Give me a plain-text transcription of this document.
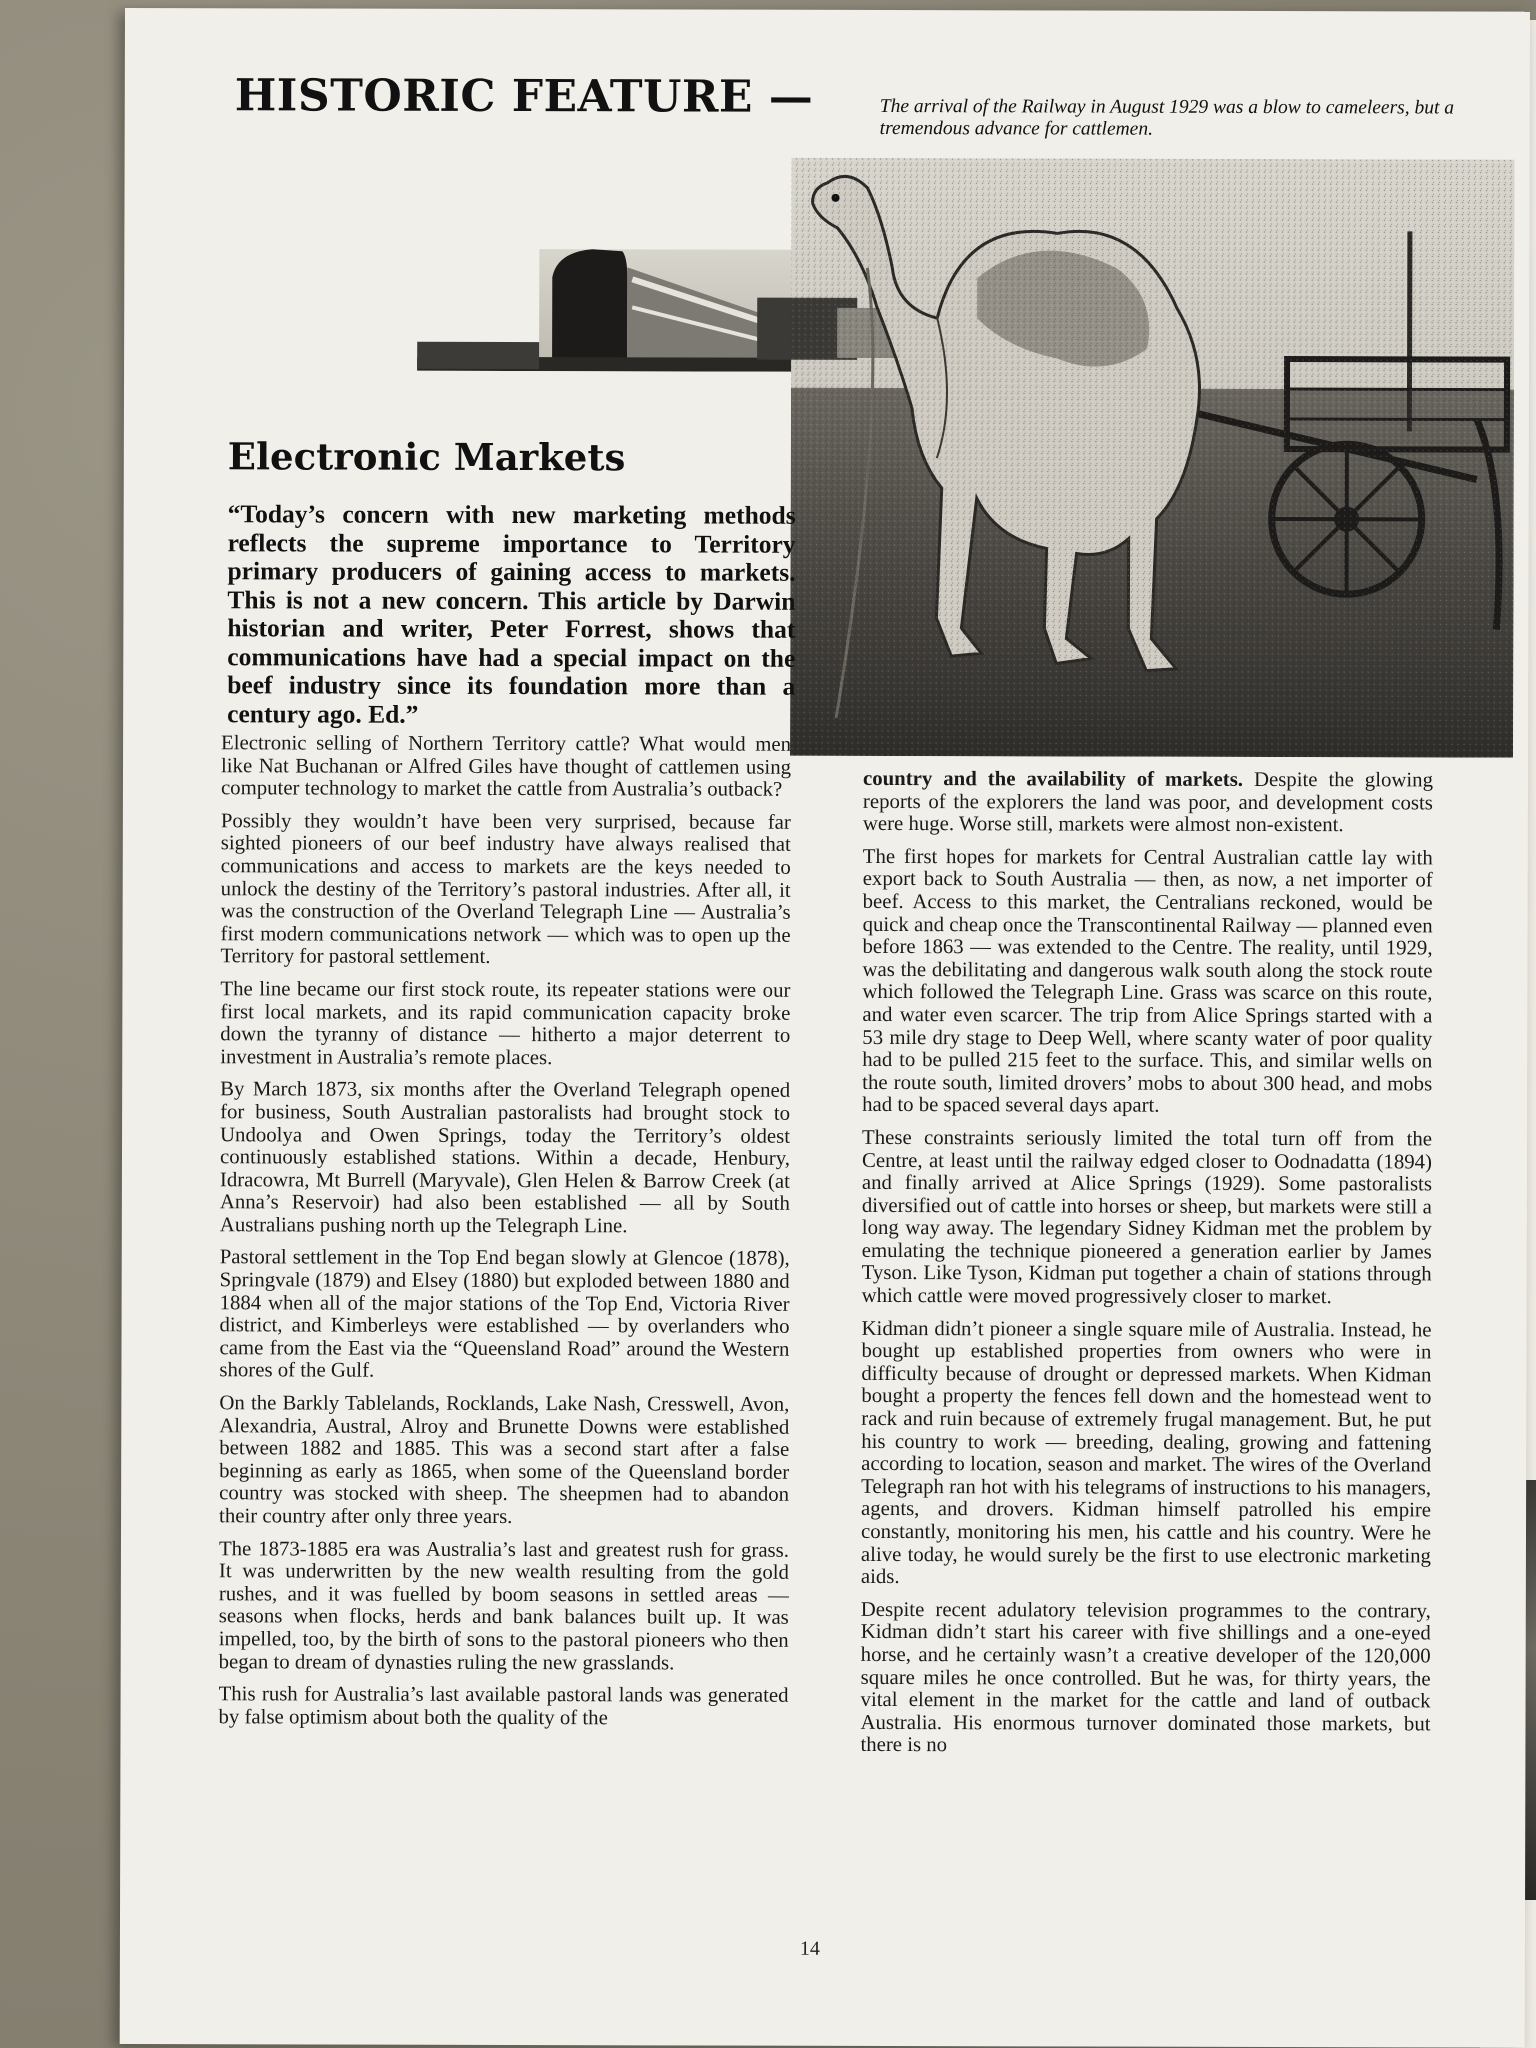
HISTORIC FEATURE —	The arrival of the Railway in August 1929 was a blow to cameleers, but a tremendous advance for cattlemen.

Electronic Markets

“Today’s concern with new marketing methods reflects the supreme importance to Territory primary producers of gaining access to markets. This is not a new concern. This article by Darwin historian and writer, Peter Forrest, shows that communications have had a special impact on the beef industry since its foundation more than a century ago. Ed.”

Electronic selling of Northern Territory cattle? What would men like Nat Buchanan or Alfred Giles have thought of cattlemen using computer technology to market the cattle from Australia’s outback?

Possibly they wouldn’t have been very surprised, because far sighted pioneers of our beef industry have always realised that communications and access to markets are the keys needed to unlock the destiny of the Territory’s pastoral industries. After all, it was the construction of the Overland Telegraph Line — Australia’s first modern communications network — which was to open up the Territory for pastoral settlement.

The line became our first stock route, its repeater stations were our first local markets, and its rapid communication capacity broke down the tyranny of distance — hitherto a major deterrent to investment in Australia’s remote places.

By March 1873, six months after the Overland Telegraph opened for business, South Australian pastoralists had brought stock to Undoolya and Owen Springs, today the Territory’s oldest continuously established stations. Within a decade, Henbury, Idracowra, Mt Burrell (Maryvale), Glen Helen & Barrow Creek (at Anna’s Reservoir) had also been established — all by South Australians pushing north up the Telegraph Line.

Pastoral settlement in the Top End began slowly at Glencoe (1878), Springvale (1879) and Elsey (1880) but exploded between 1880 and 1884 when all of the major stations of the Top End, Victoria River district, and Kimberleys were established — by overlanders who came from the East via the “Queensland Road” around the Western shores of the Gulf.

On the Barkly Tablelands, Rocklands, Lake Nash, Cresswell, Avon, Alexandria, Austral, Alroy and Brunette Downs were established between 1882 and 1885. This was a second start after a false beginning as early as 1865, when some of the Queensland border country was stocked with sheep. The sheepmen had to abandon their country after only three years.

The 1873-1885 era was Australia’s last and greatest rush for grass. It was underwritten by the new wealth resulting from the gold rushes, and it was fuelled by boom seasons in settled areas — seasons when flocks, herds and bank balances built up. It was impelled, too, by the birth of sons to the pastoral pioneers who then began to dream of dynasties ruling the new grasslands.

This rush for Australia’s last available pastoral lands was generated by false optimism about both the quality of the

country and the availability of markets. Despite the glowing reports of the explorers the land was poor, and development costs were huge. Worse still, markets were almost non-existent.

The first hopes for markets for Central Australian cattle lay with export back to South Australia — then, as now, a net importer of beef. Access to this market, the Centralians reckoned, would be quick and cheap once the Transcontinental Railway — planned even before 1863 — was extended to the Centre. The reality, until 1929, was the debilitating and dangerous walk south along the stock route which followed the Telegraph Line. Grass was scarce on this route, and water even scarcer. The trip from Alice Springs started with a 53 mile dry stage to Deep Well, where scanty water of poor quality had to be pulled 215 feet to the surface. This, and similar wells on the route south, limited drovers’ mobs to about 300 head, and mobs had to be spaced several days apart.

These constraints seriously limited the total turn off from the Centre, at least until the railway edged closer to Oodnadatta (1894) and finally arrived at Alice Springs (1929). Some pastoralists diversified out of cattle into horses or sheep, but markets were still a long way away. The legendary Sidney Kidman met the problem by emulating the technique pioneered a generation earlier by James Tyson. Like Tyson, Kidman put together a chain of stations through which cattle were moved progressively closer to market.

Kidman didn’t pioneer a single square mile of Australia. Instead, he bought up established properties from owners who were in difficulty because of drought or depressed markets. When Kidman bought a property the fences fell down and the homestead went to rack and ruin because of extremely frugal management. But, he put his country to work — breeding, dealing, growing and fattening according to location, season and market. The wires of the Overland Telegraph ran hot with his telegrams of instructions to his managers, agents, and drovers. Kidman himself patrolled his empire constantly, monitoring his men, his cattle and his country. Were he alive today, he would surely be the first to use electronic marketing aids.

Despite recent adulatory television programmes to the contrary, Kidman didn’t start his career with five shillings and a one-eyed horse, and he certainly wasn’t a creative developer of the 120,000 square miles he once controlled. But he was, for thirty years, the vital element in the market for the cattle and land of outback Australia. His enormous turnover dominated those markets, but there is no

14
